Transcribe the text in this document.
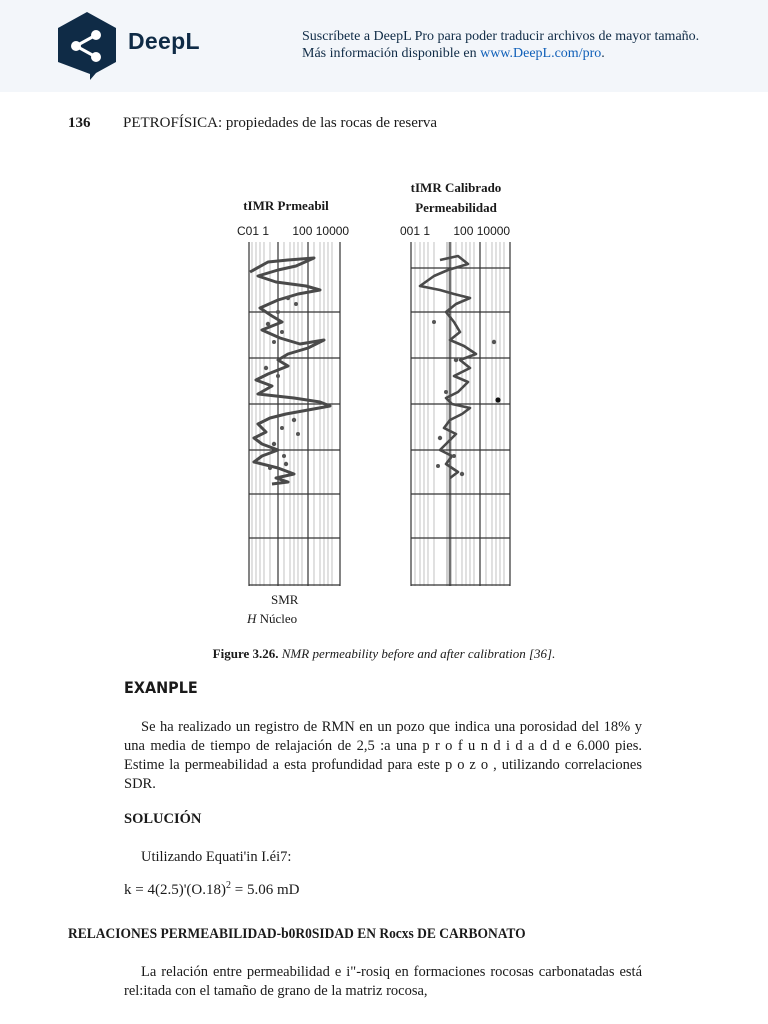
DeepL	Suscríbete a DeepL Pro para poder traducir archivos de mayor tamaño.
Más información disponible en www.DeepL.com/pro.
136 PETROFÍSICA: propiedades de las rocas de reserva
tIMR Prmeabil
tIMR Calibrado
Permeabilidad
C01 1       100 10000	001 1       100 10000
SMR
H Núcleo
Figure 3.26. NMR permeability before and after calibration [36].
EXANPLE
Se ha realizado un registro de RMN en un pozo que indica una porosidad del 18% y una media de tiempo de relajación de 2,5 :a una p r o f u n d i d a d d e 6.000 pies. Estime la permeabilidad a esta profundidad para este p o z o , utilizando correlaciones SDR.
SOLUCIÓN
Utilizando Equati'in I.éi7:
$k = 4(2.5)'(O.18)^2 = 5.06$ mD
RELACIONES PERMEABILIDAD-b0R0SIDAD EN Rocxs DE CARBONATO
La relación entre permeabilidad e i"-rosiq en formaciones rocosas carbonatadas está rel:itada con el tamaño de grano de la matriz rocosa,
